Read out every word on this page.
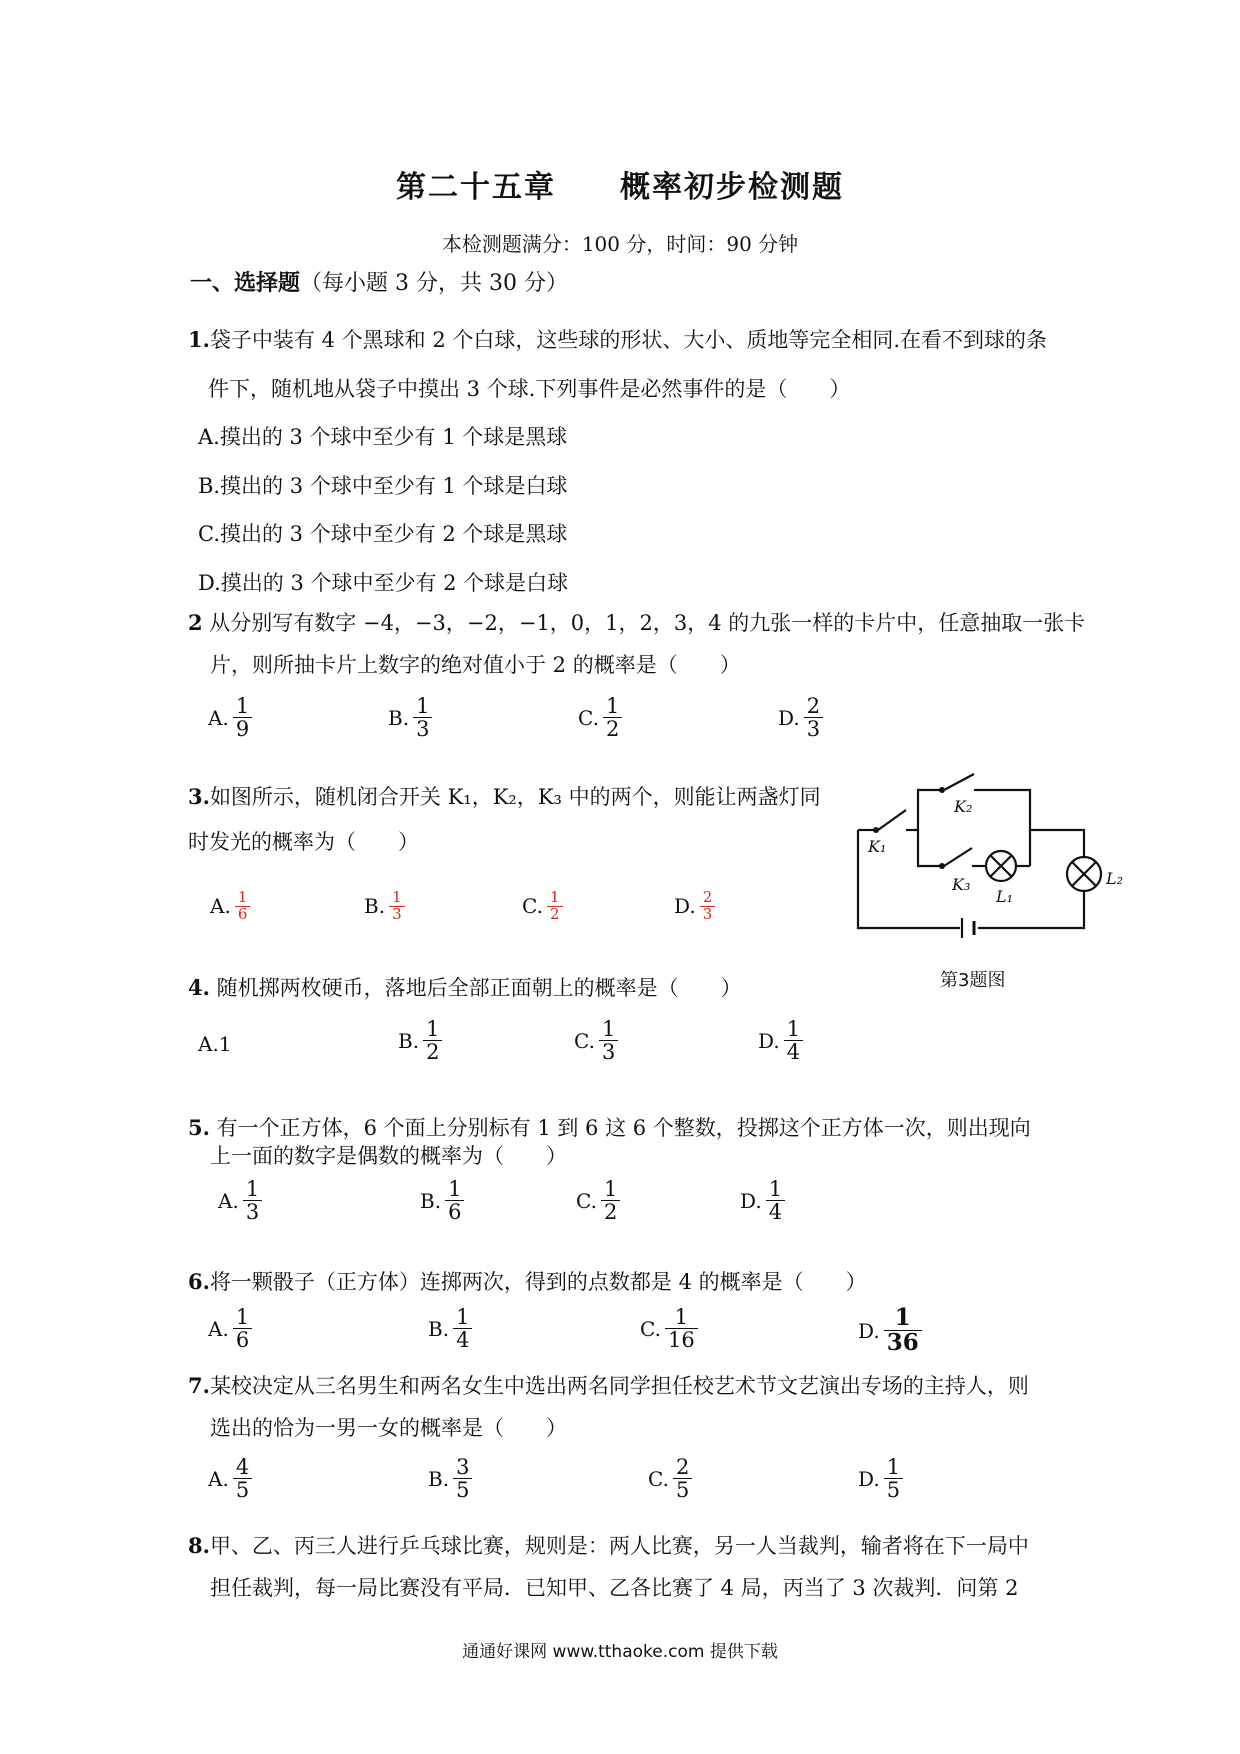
第二十五章　　概率初步检测题
本检测题满分：100 分，时间：90 分钟
一、选择题（每小题 3 分，共 30 分）
1.袋子中装有 4 个黑球和 2 个白球，这些球的形状、大小、质地等完全相同.在看不到球的条
件下，随机地从袋子中摸出 3 个球.下列事件是必然事件的是（　　）
A.摸出的 3 个球中至少有 1 个球是黑球
B.摸出的 3 个球中至少有 1 个球是白球
C.摸出的 3 个球中至少有 2 个球是黑球
D.摸出的 3 个球中至少有 2 个球是白球
2 从分别写有数字 −4，−3，−2，−1，0，1，2，3，4 的九张一样的卡片中，任意抽取一张卡
片，则所抽卡片上数字的绝对值小于 2 的概率是（　　）
A. $\frac{1}{9}$	B. $\frac{1}{3}$	C. $\frac{1}{2}$	D. $\frac{2}{3}$
3.如图所示，随机闭合开关 K₁，K₂，K₃ 中的两个，则能让两盏灯同
时发光的概率为（　　）
A. $\frac{1}{6}$	B. $\frac{1}{3}$	C. $\frac{1}{2}$	D. $\frac{2}{3}$
K₁
K₂
K₃
L₁
L₂
第3题图
4. 随机掷两枚硬币，落地后全部正面朝上的概率是（　　）
A.1	B. $\frac{1}{2}$	C. $\frac{1}{3}$	D. $\frac{1}{4}$
5. 有一个正方体，6 个面上分别标有 1 到 6 这 6 个整数，投掷这个正方体一次，则出现向
上一面的数字是偶数的概率为（　　）
A. $\frac{1}{3}$	B. $\frac{1}{6}$	C. $\frac{1}{2}$	D. $\frac{1}{4}$
6.将一颗骰子（正方体）连掷两次，得到的点数都是 4 的概率是（　　）
A. $\frac{1}{6}$	B. $\frac{1}{4}$	C. $\frac{1}{16}$	D. $\frac{1}{36}$
7.某校决定从三名男生和两名女生中选出两名同学担任校艺术节文艺演出专场的主持人，则
选出的恰为一男一女的概率是（　　）
A. $\frac{4}{5}$	B. $\frac{3}{5}$	C. $\frac{2}{5}$	D. $\frac{1}{5}$
8.甲、乙、丙三人进行乒乓球比赛，规则是：两人比赛，另一人当裁判，输者将在下一局中
担任裁判，每一局比赛没有平局．已知甲、乙各比赛了 4 局，丙当了 3 次裁判．问第 2
通通好课网 www.tthaoke.com 提供下载
